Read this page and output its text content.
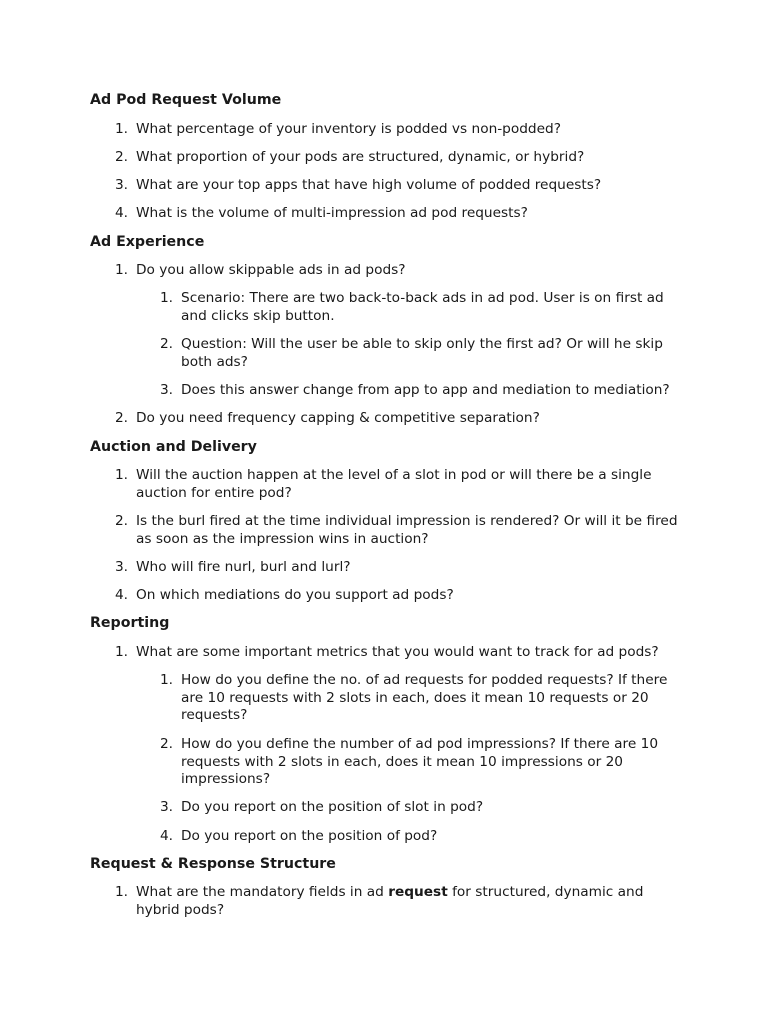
Ad Pod Request Volume
1. What percentage of your inventory is podded vs non-podded?
2. What proportion of your pods are structured, dynamic, or hybrid?
3. What are your top apps that have high volume of podded requests?
4. What is the volume of multi-impression ad pod requests?
Ad Experience
1. Do you allow skippable ads in ad pods?
1. Scenario: There are two back-to-back ads in ad pod. User is on first ad and clicks skip button.
2. Question: Will the user be able to skip only the first ad? Or will he skip both ads?
3. Does this answer change from app to app and mediation to mediation?
2. Do you need frequency capping & competitive separation?
Auction and Delivery
1. Will the auction happen at the level of a slot in pod or will there be a single auction for entire pod?
2. Is the burl fired at the time individual impression is rendered? Or will it be fired as soon as the impression wins in auction?
3. Who will fire nurl, burl and lurl?
4. On which mediations do you support ad pods?
Reporting
1. What are some important metrics that you would want to track for ad pods?
1. How do you define the no. of ad requests for podded requests? If there are 10 requests with 2 slots in each, does it mean 10 requests or 20 requests?
2. How do you define the number of ad pod impressions? If there are 10 requests with 2 slots in each, does it mean 10 impressions or 20 impressions?
3. Do you report on the position of slot in pod?
4. Do you report on the position of pod?
Request & Response Structure
1. What are the mandatory fields in ad request for structured, dynamic and hybrid pods?
